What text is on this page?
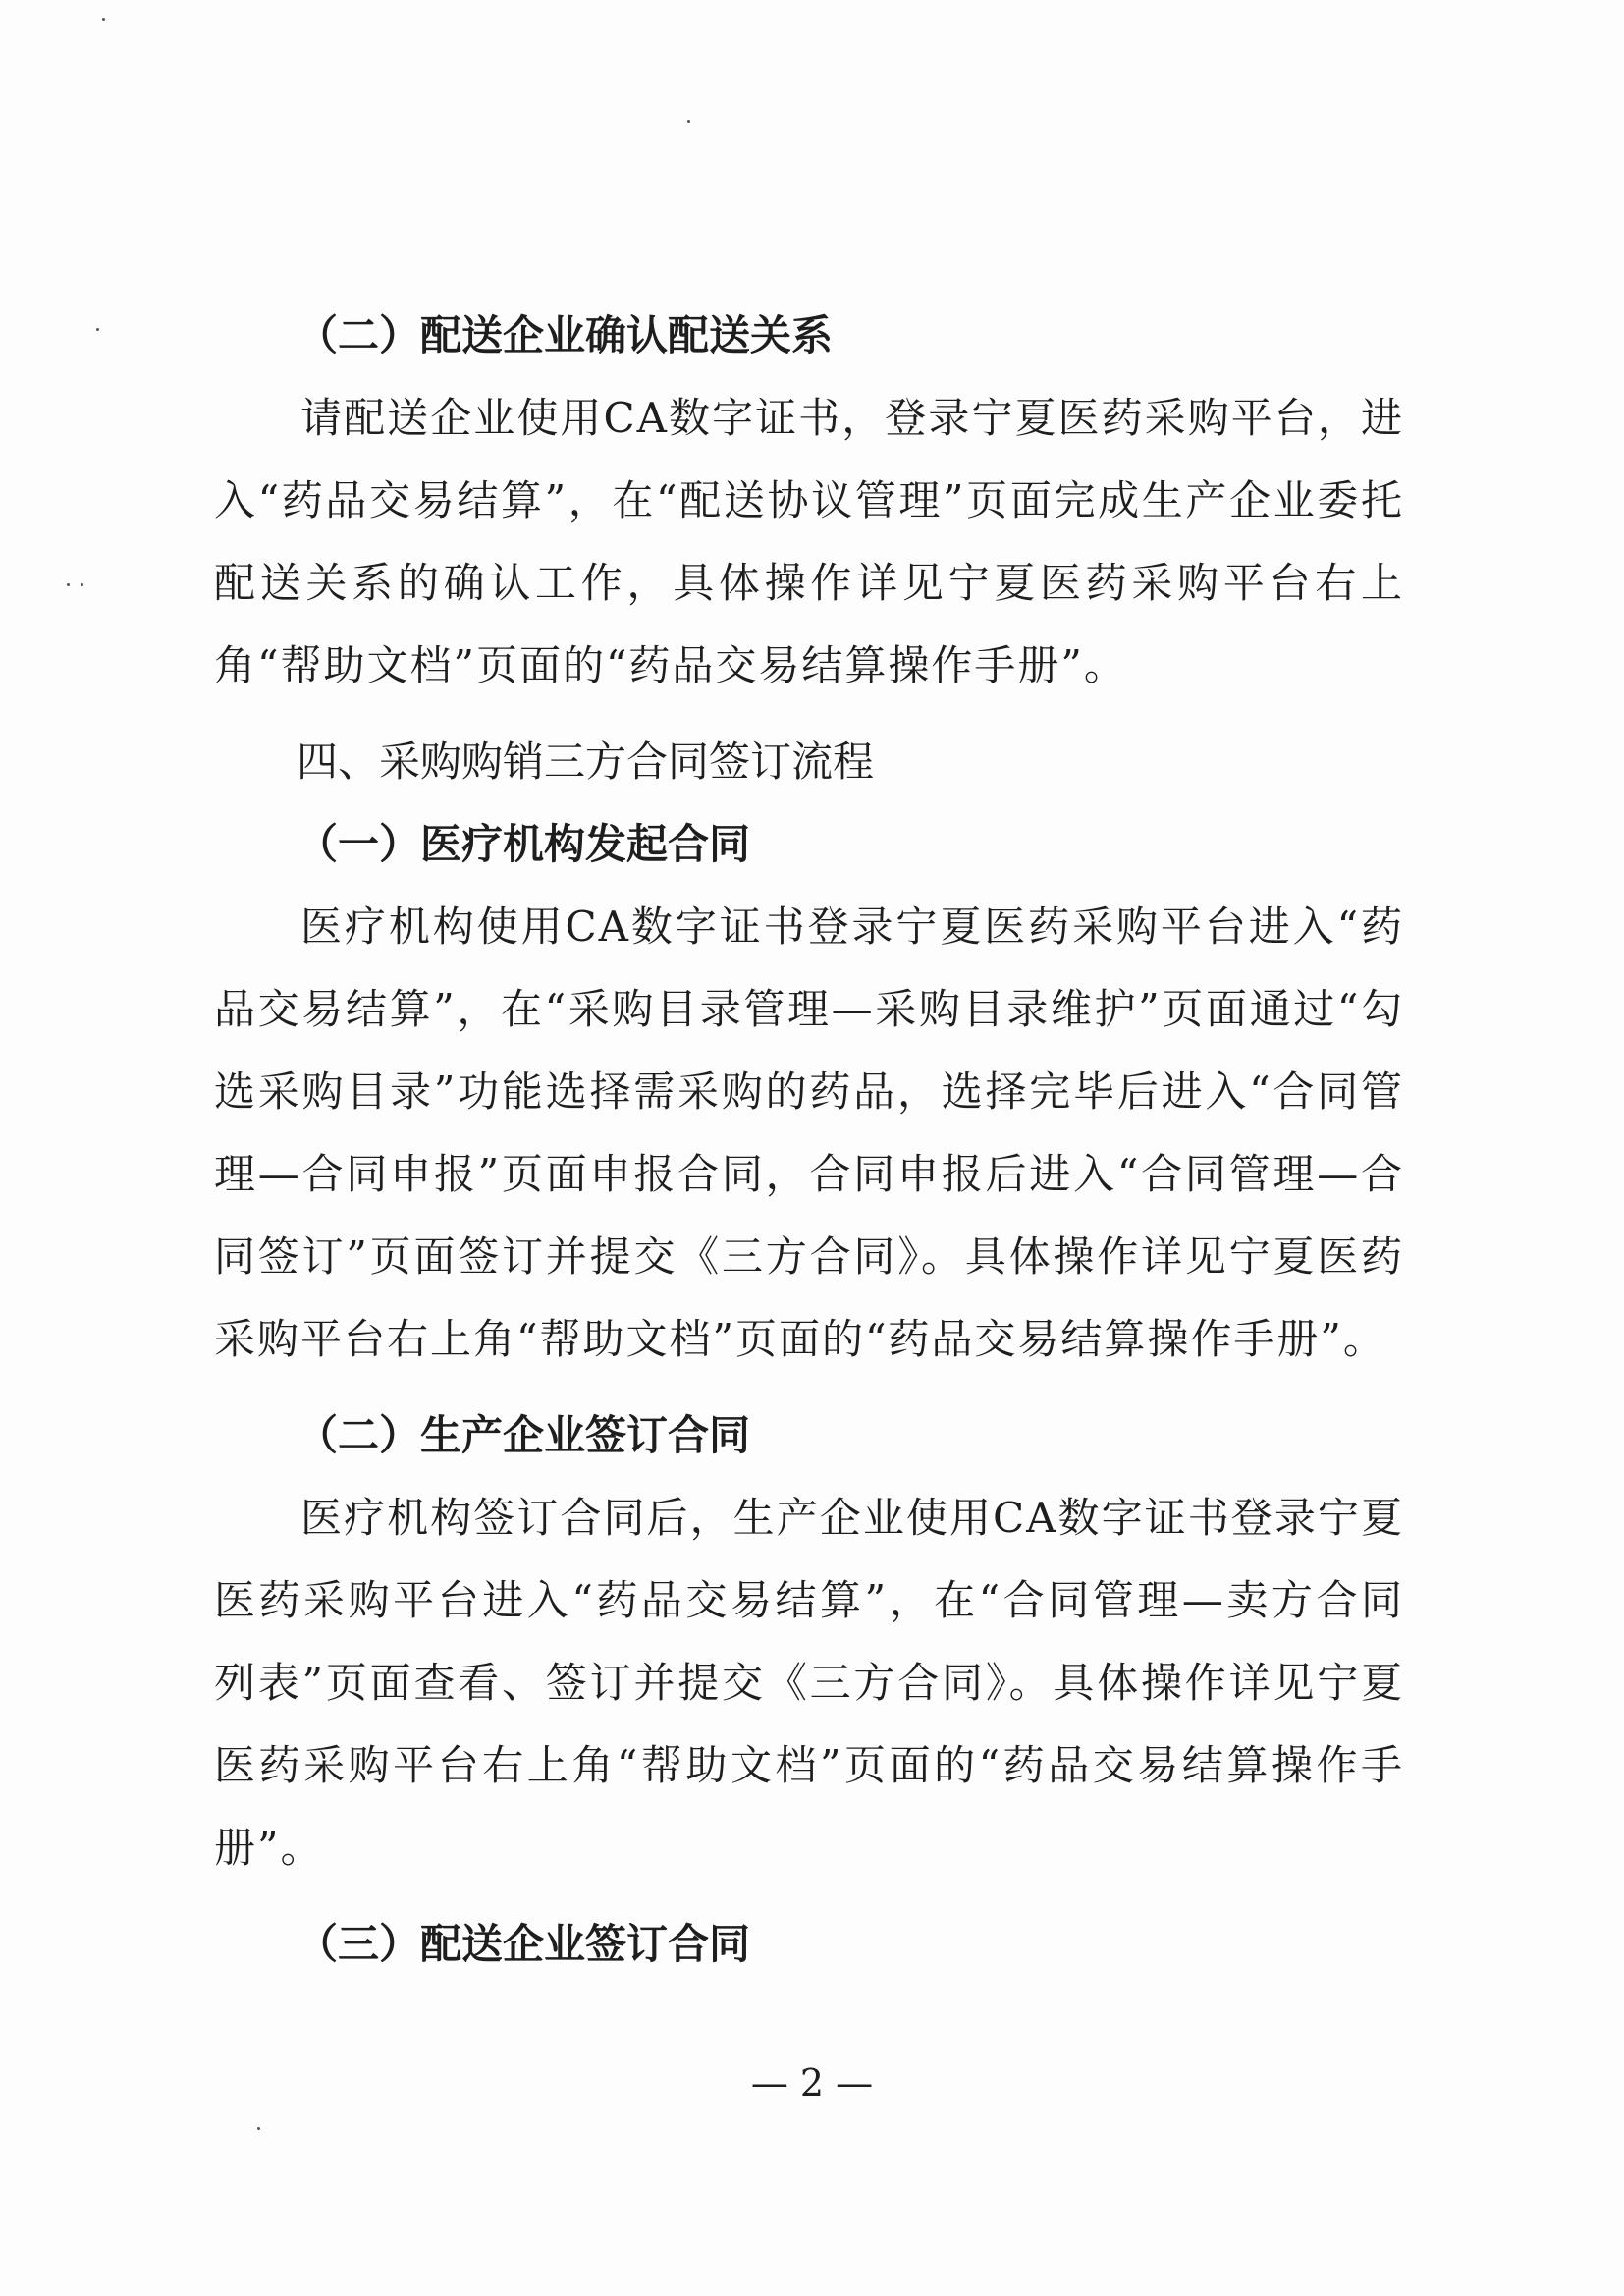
（二）配送企业确认配送关系

请配送企业使用CA数字证书，登录宁夏医药采购平台，进入“药品交易结算”，在“配送协议管理”页面完成生产企业委托配送关系的确认工作，具体操作详见宁夏医药采购平台右上角“帮助文档”页面的“药品交易结算操作手册”。

四、采购购销三方合同签订流程
（一）医疗机构发起合同

医疗机构使用CA数字证书登录宁夏医药采购平台进入“药品交易结算”，在“采购目录管理—采购目录维护”页面通过“勾选采购目录”功能选择需采购的药品，选择完毕后进入“合同管理—合同申报”页面申报合同，合同申报后进入“合同管理—合同签订”页面签订并提交《三方合同》。具体操作详见宁夏医药采购平台右上角“帮助文档”页面的“药品交易结算操作手册”。

（二）生产企业签订合同

医疗机构签订合同后，生产企业使用CA数字证书登录宁夏医药采购平台进入“药品交易结算”，在“合同管理—卖方合同列表”页面查看、签订并提交《三方合同》。具体操作详见宁夏医药采购平台右上角“帮助文档”页面的“药品交易结算操作手册”。

（三）配送企业签订合同
— 2 —
